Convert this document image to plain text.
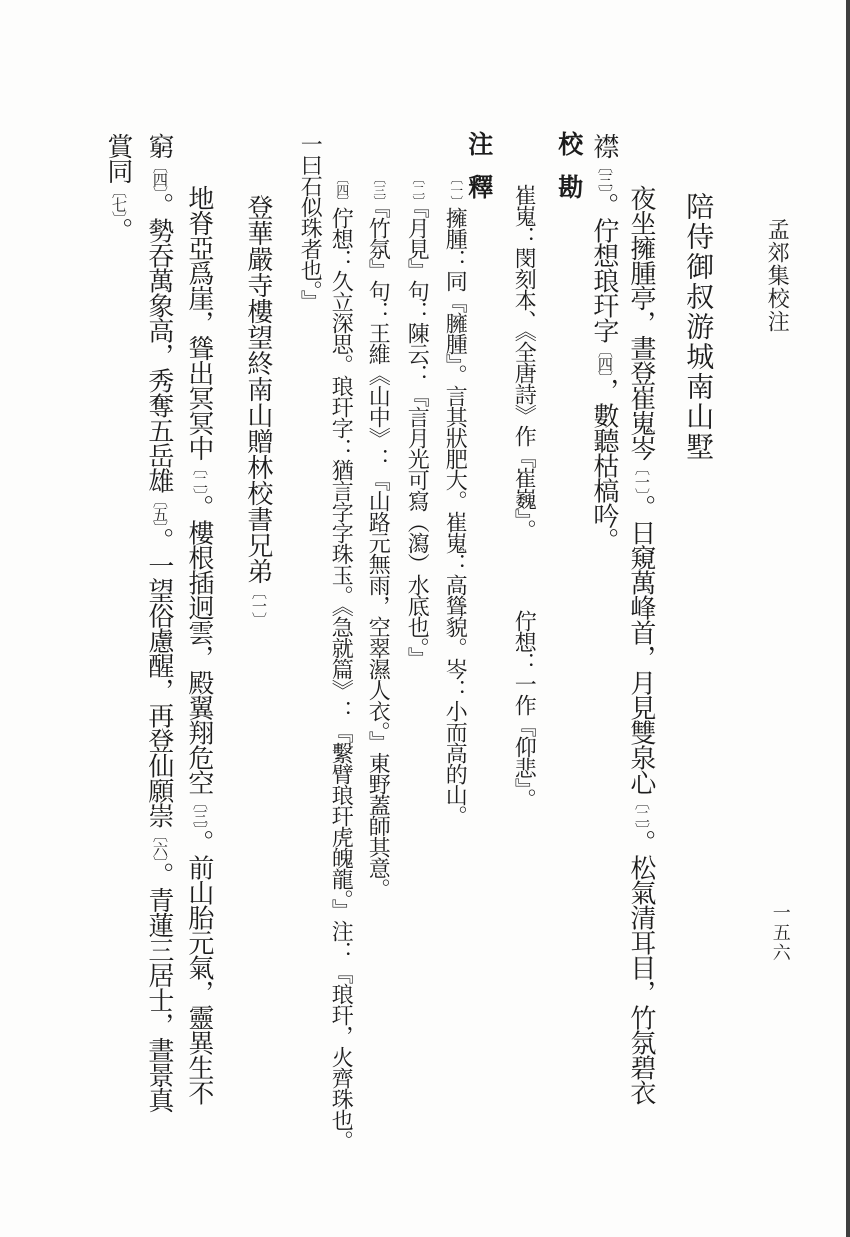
孟郊集校注
一五六
陪侍御叔游城南山墅
夜坐擁腫亭，晝登崔嵬岑〔一〕。日窺萬峰首，月見雙泉心〔二〕。松氣清耳目，竹氛碧衣
襟〔三〕。佇想琅玕字〔四〕，數聽枯槁吟。
校勘
崔嵬：閔刻本、《全唐詩》作『崔巍』。 佇想：一作『仰悲』。
注釋
〔一〕擁腫：同『臃腫』。言其狀肥大。崔嵬：高聳貌。岑：小而高的山。
〔二〕『月見』句：陳云：『言月光可寫（瀉）水底也。』
〔三〕『竹氛』句：王維《山中》：『山路元無雨，空翠濕人衣。』東野蓋師其意。
〔四〕佇想：久立深思。琅玕字：猶言字字珠玉。《急就篇》：『繫臂琅玕虎魄龍。』注：『琅玕，火齊珠也。
一曰石似珠者也。』
登華嚴寺樓望終南山贈林校書兄弟〔一〕
地脊亞爲崖，聳出冥冥中〔二〕。樓根插迥雲，殿翼翔危空〔三〕。前山胎元氣，靈異生不
窮〔四〕。勢吞萬象高，秀奪五岳雄〔五〕。一望俗慮醒，再登仙願崇〔六〕。青蓮三居士，晝景真
賞同〔七〕。
